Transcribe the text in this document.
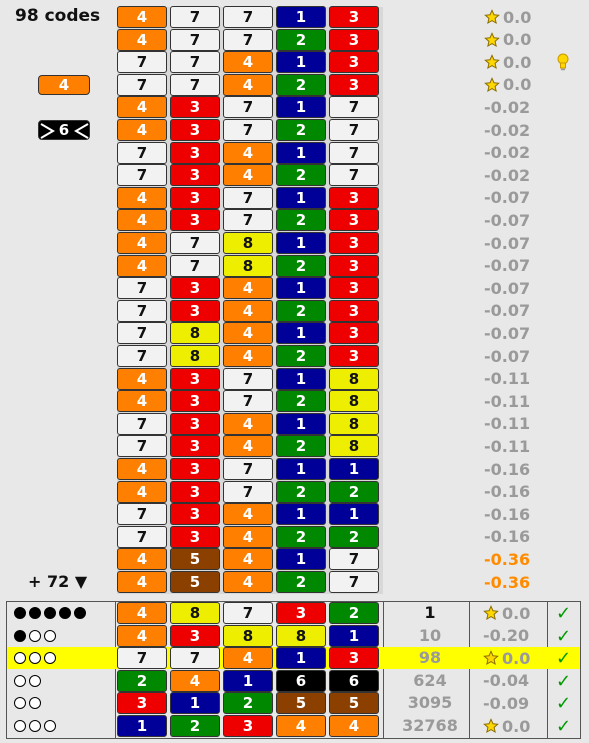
98 codes
4
6
+ 72 ▼
4	7	7	1	3	0.0
4	7	7	2	3	0.0
7	7	4	1	3	0.0
7	7	4	2	3	0.0
4	3	7	1	7	-0.02
4	3	7	2	7	-0.02
7	3	4	1	7	-0.02
7	3	4	2	7	-0.02
4	3	7	1	3	-0.07
4	3	7	2	3	-0.07
4	7	8	1	3	-0.07
4	7	8	2	3	-0.07
7	3	4	1	3	-0.07
7	3	4	2	3	-0.07
7	8	4	1	3	-0.07
7	8	4	2	3	-0.07
4	3	7	1	8	-0.11
4	3	7	2	8	-0.11
7	3	4	1	8	-0.11
7	3	4	2	8	-0.11
4	3	7	1	1	-0.16
4	3	7	2	2	-0.16
7	3	4	1	1	-0.16
7	3	4	2	2	-0.16
4	5	4	1	7	-0.36
4	5	4	2	7	-0.36
4	8	7	3	2	1	0.0 ✓
4	3	8	8	1	10	-0.20 ✓
7	7	4	1	3	98	0.0 ✓
2	4	1	6	6	624	-0.04 ✓
3	1	2	5	5	3095	-0.09 ✓
1	2	3	4	4	32768	0.0 ✓
